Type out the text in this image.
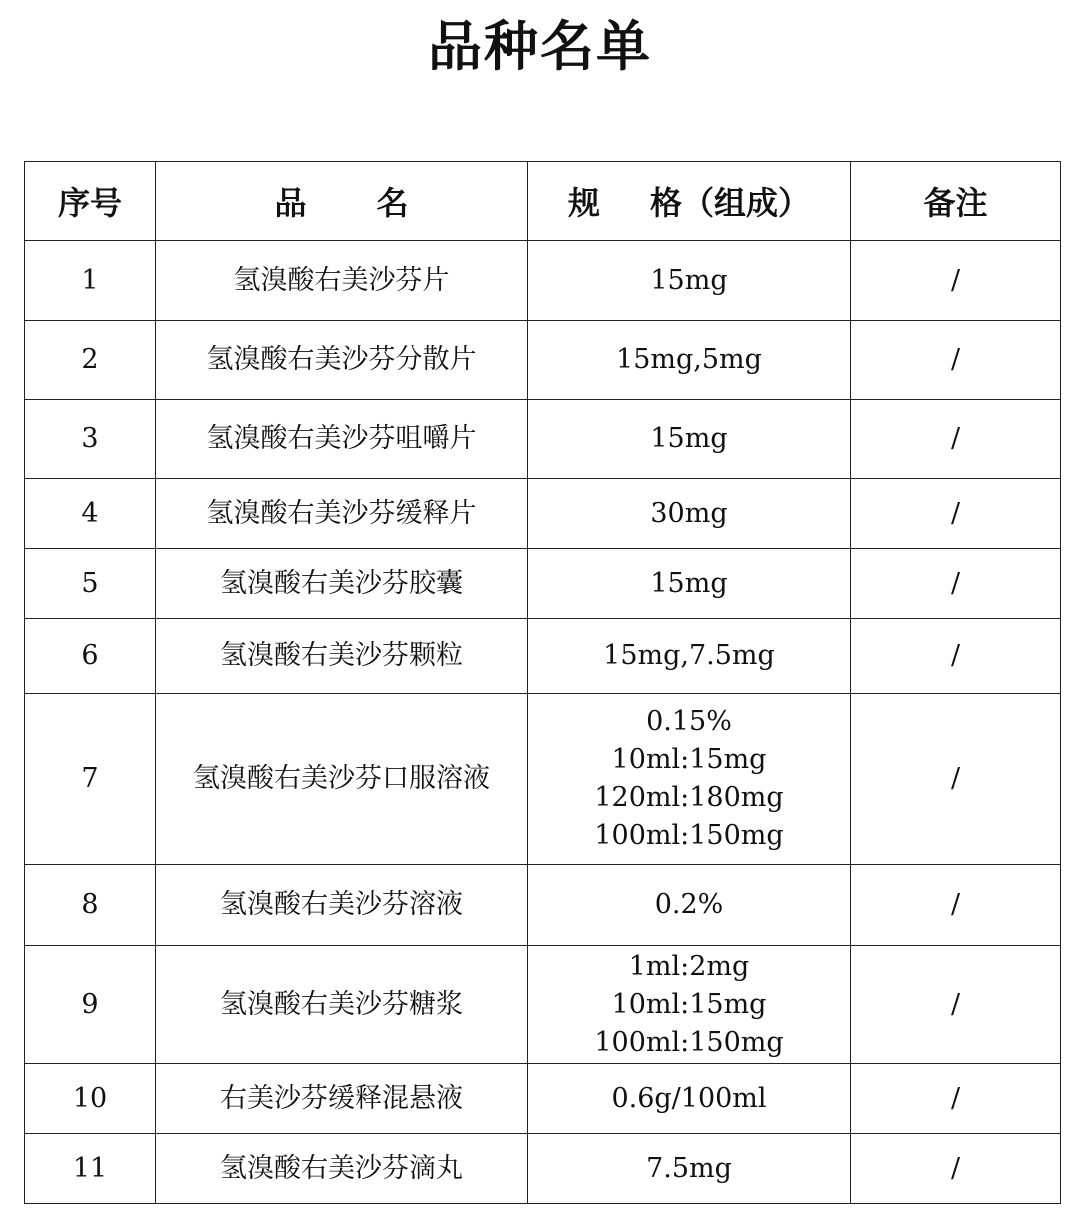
品种名单
序号	品 名	规 格（组成）	备注
1	氢溴酸右美沙芬片	15mg	/
2	氢溴酸右美沙芬分散片	15mg,5mg	/
3	氢溴酸右美沙芬咀嚼片	15mg	/
4	氢溴酸右美沙芬缓释片	30mg	/
5	氢溴酸右美沙芬胶囊	15mg	/
6	氢溴酸右美沙芬颗粒	15mg,7.5mg	/
7	氢溴酸右美沙芬口服溶液	0.15%
10ml:15mg
120ml:180mg
100ml:150mg	/
8	氢溴酸右美沙芬溶液	0.2%	/
9	氢溴酸右美沙芬糖浆	1ml:2mg
10ml:15mg
100ml:150mg	/
10	右美沙芬缓释混悬液	0.6g/100ml	/
11	氢溴酸右美沙芬滴丸	7.5mg	/
